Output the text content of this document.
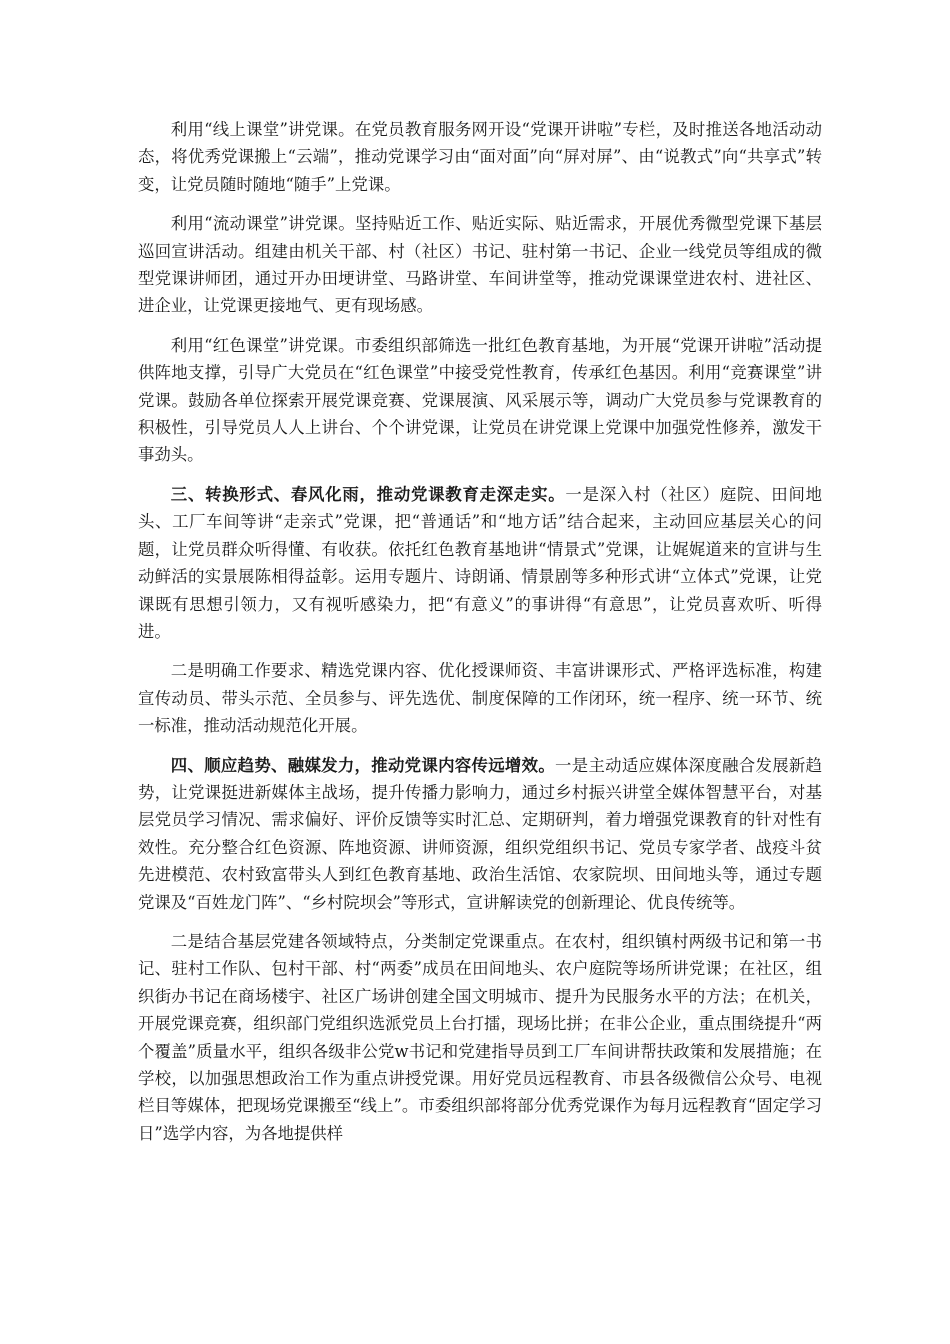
利用“线上课堂”讲党课。在党员教育服务网开设“党课开讲啦”专栏，及时推送各地活动动态，将优秀党课搬上“云端”，推动党课学习由“面对面”向“屏对屏”、由“说教式”向“共享式”转变，让党员随时随地“随手”上党课。

利用“流动课堂”讲党课。坚持贴近工作、贴近实际、贴近需求，开展优秀微型党课下基层巡回宣讲活动。组建由机关干部、村（社区）书记、驻村第一书记、企业一线党员等组成的微型党课讲师团，通过开办田埂讲堂、马路讲堂、车间讲堂等，推动党课课堂进农村、进社区、进企业，让党课更接地气、更有现场感。

利用“红色课堂”讲党课。市委组织部筛选一批红色教育基地，为开展“党课开讲啦”活动提供阵地支撑，引导广大党员在“红色课堂”中接受党性教育，传承红色基因。利用“竞赛课堂”讲党课。鼓励各单位探索开展党课竞赛、党课展演、风采展示等，调动广大党员参与党课教育的积极性，引导党员人人上讲台、个个讲党课，让党员在讲党课上党课中加强党性修养，激发干事劲头。

三、转换形式、春风化雨，推动党课教育走深走实。一是深入村（社区）庭院、田间地头、工厂车间等讲“走亲式”党课，把“普通话”和“地方话”结合起来，主动回应基层关心的问题，让党员群众听得懂、有收获。依托红色教育基地讲“情景式”党课，让娓娓道来的宣讲与生动鲜活的实景展陈相得益彰。运用专题片、诗朗诵、情景剧等多种形式讲“立体式”党课，让党课既有思想引领力，又有视听感染力，把“有意义”的事讲得“有意思”，让党员喜欢听、听得进。

二是明确工作要求、精选党课内容、优化授课师资、丰富讲课形式、严格评选标准，构建宣传动员、带头示范、全员参与、评先选优、制度保障的工作闭环，统一程序、统一环节、统一标准，推动活动规范化开展。

四、顺应趋势、融媒发力，推动党课内容传远增效。一是主动适应媒体深度融合发展新趋势，让党课挺进新媒体主战场，提升传播力影响力，通过乡村振兴讲堂全媒体智慧平台，对基层党员学习情况、需求偏好、评价反馈等实时汇总、定期研判，着力增强党课教育的针对性有效性。充分整合红色资源、阵地资源、讲师资源，组织党组织书记、党员专家学者、战疫斗贫先进模范、农村致富带头人到红色教育基地、政治生活馆、农家院坝、田间地头等，通过专题党课及“百姓龙门阵”、“乡村院坝会”等形式，宣讲解读党的创新理论、优良传统等。

二是结合基层党建各领域特点，分类制定党课重点。在农村，组织镇村两级书记和第一书记、驻村工作队、包村干部、村“两委”成员在田间地头、农户庭院等场所讲党课；在社区，组织街办书记在商场楼宇、社区广场讲创建全国文明城市、提升为民服务水平的方法；在机关，开展党课竞赛，组织部门党组织选派党员上台打擂，现场比拼；在非公企业，重点围绕提升“两个覆盖”质量水平，组织各级非公党w书记和党建指导员到工厂车间讲帮扶政策和发展措施；在学校，以加强思想政治工作为重点讲授党课。用好党员远程教育、市县各级微信公众号、电视栏目等媒体，把现场党课搬至“线上”。市委组织部将部分优秀党课作为每月远程教育“固定学习日”选学内容，为各地提供样
